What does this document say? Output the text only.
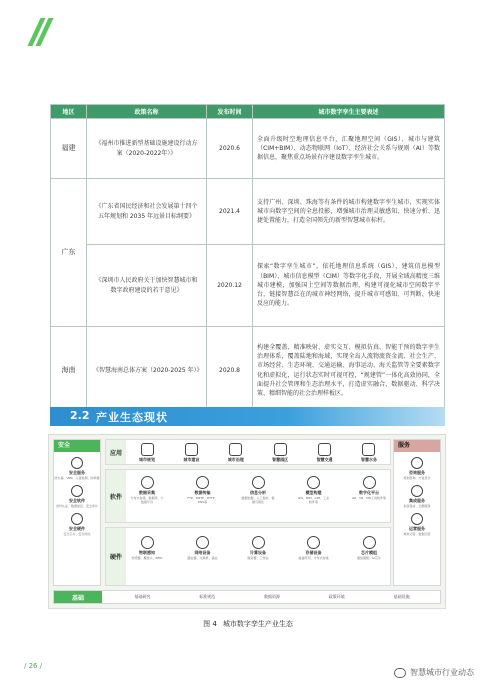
地区	政策名称	发布时间	城市数字孪生主要表述
福建	《福州市推进新型基础设施建设行动方案（2020-2022年）》	2020.6	全面升级时空地理信息平台，汇聚地理空间（GIS）、城市与建筑（CIM+BIM）、动态物联网（IoT）、经济社会关系与规则（AI）等数据信息，聚焦重点场景有序建设数字孪生城市。
广东	《广东省国民经济和社会发展第十四个五年规划和 2035 年远景目标纲要》	2021.4	支持广州、深圳、珠海等有条件的城市构建数字孪生城市，实现实体城市向数字空间的全息投影，增强城市治理灵敏感知、快速分析、迅捷处置能力，打造全国领先的新型智慧城市标杆。
	《深圳市人民政府关于加快智慧城市和数字政府建设的若干意见》	2020.12	探索“数字孪生城市”。依托地理信息系统（GIS）、建筑信息模型（BIM）、城市信息模型（CIM）等数字化手段，开展全域高精度三维城市建模，加强国土空间等数据治理，构建可视化城市空间数字平台，链接智慧泛在的城市神经网络，提升城市可感知、可判断、快速反应的能力。
海南	《智慧海南总体方案（2020-2025 年）》	2020.8	构建全覆盖、精准映射、虚实交互、模拟仿真、智能干预的数字孪生治理体系，覆盖陆地和海域，实现全岛人流物流资金流、社会生产、市场经营、生态环境、交通运输、海事运动、海关监管等全要素数字化和虚拟化，运行状态实时可视可控，“规建管”一体化高效协同，全面提升社会管理和生态治理水平，打造虚实融合、数据驱动、科学决策、精细智能的社会治理样板区。
2.2 产业生态现状
安全
安全服务
防火墙、VPN、入侵检测、防病毒
安全软件
身份认证、数据加密、安全审计
安全硬件
安全芯片、安全网关
服务
咨询服务
规划咨询、方案设计
集成服务
系统集成、运维服务
运营服务
城市运营、数据运营
应用
城市规划	城市建设	城市治理	智慧园区	智慧交通	智慧水务
软件
数据采集
分布式存储、数据库、大数据平台
数据传输
FTP、SMTP、HTTP、DNS等
信息分析
数据挖掘、人工智能、数据可视化
模型构建
GIS、BIM、CIM、工业软件等
数字化平台
AR、VR、MR工具软件等
硬件
物联感知
传感器、摄像头、RFID
网络设备
路由器、交换机、基站
计算设备
服务器、工作站
存储设备
磁盘阵列、分布式存储
芯片模组
通信模组、AI芯片
基础	基础研究	标准规范	数据资源	政策环境	基础设施
图 4 城市数字孪生产业生态
/ 26 /
智慧城市行业动态
